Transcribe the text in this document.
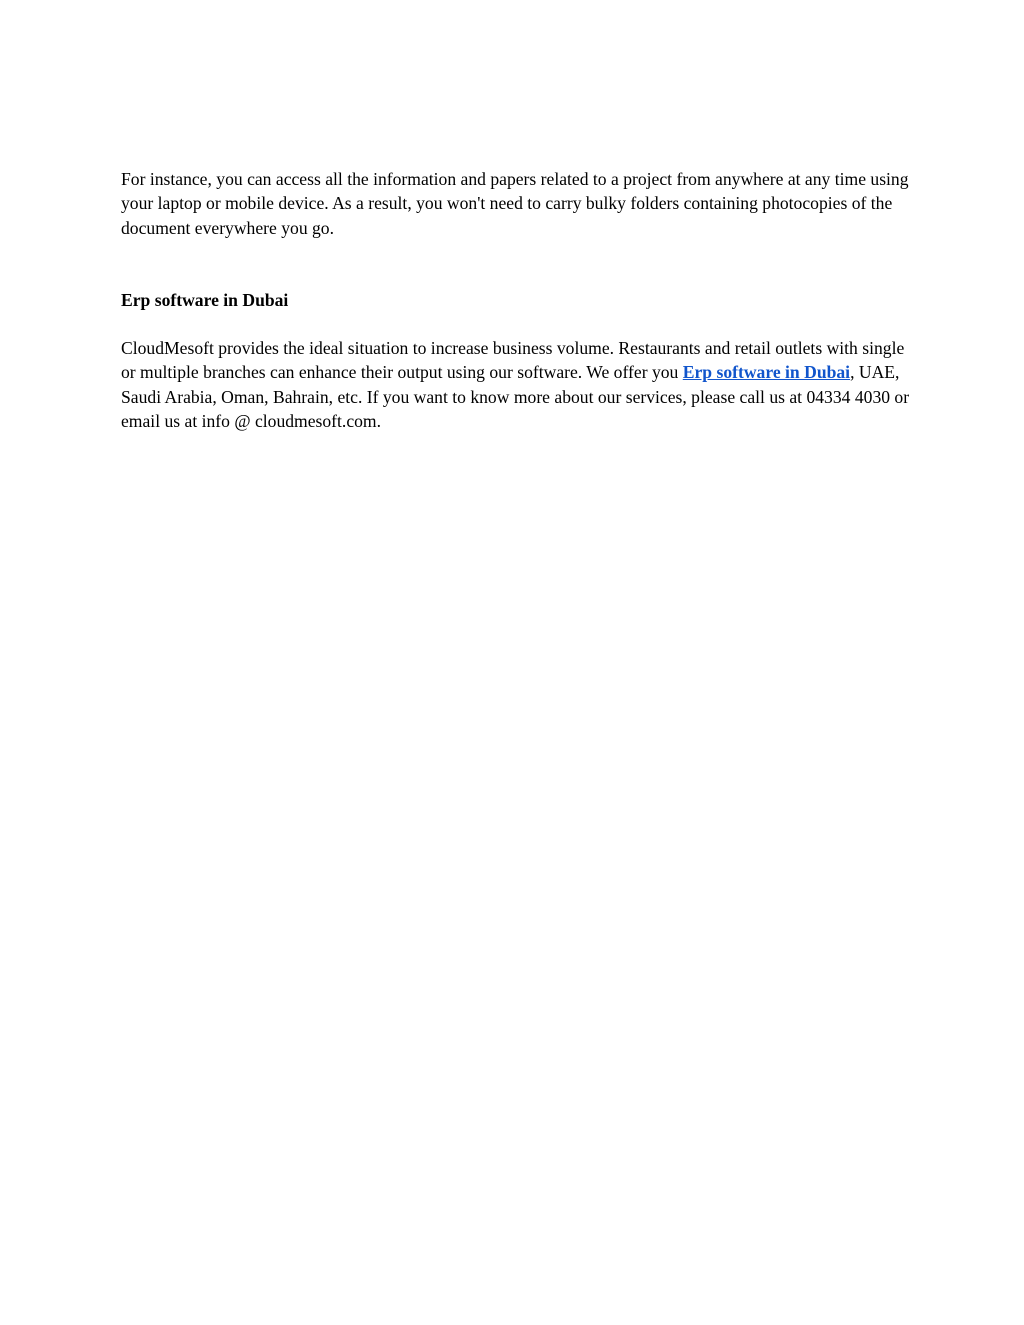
For instance, you can access all the information and papers related to a project from anywhere at any time using your laptop or mobile device. As a result, you won't need to carry bulky folders containing photocopies of the document everywhere you go.

Erp software in Dubai

CloudMesoft provides the ideal situation to increase business volume. Restaurants and retail outlets with single or multiple branches can enhance their output using our software. We offer you Erp software in Dubai, UAE, Saudi Arabia, Oman, Bahrain, etc. If you want to know more about our services, please call us at 04334 4030 or email us at info @ cloudmesoft.com.
